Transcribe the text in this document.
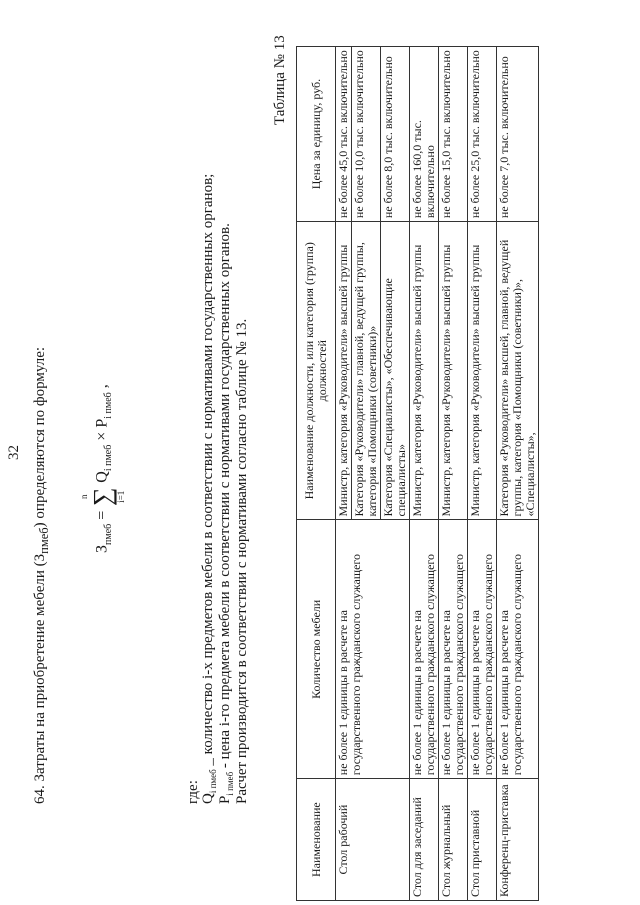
32
64. Затраты на приобретение мебели $(З_{пмеб})$ определяются по формуле:
$З_{пмеб}$ =
n ∑ i=1
$Q_{i пмеб} \times P_{i пмеб}$ ,
где: $Q_{i пмеб}$ _ количество i-х предметов мебели в соответствии с нормативами государственных органов;
$P_{i пмеб}$ - цена i-го предмета мебели в соответствии с нормативами государственных органов. Расчет производится в соответствии с нормативами согласно таблице № 13.
Таблица № 13
Наименование	Количество мебели	Наименование должности, или категория (группа) должностей	Цена за единицу, руб.
Стол рабочий	не более 1 единицы в расчете на государственного гражданского служащего	Министр, категория «Руководители» высшей группы	не более 45,0 тыс. включительно
		Категория «Руководители» главной, ведущей группы, категория «Помощники (советники)»	не более 10,0 тыс. включительно
		Категория «Специалисты», «Обеспечивающие специалисты»	не более 8,0 тыс. включительно
Стол для заседаний	не более 1 единицы в расчете на государственного гражданского служащего	Министр, категория «Руководители» высшей группы	не более 160,0 тыс. включительно
Стол журнальный	не более 1 единицы в расчете на государственного гражданского служащего	Министр, категория «Руководители» высшей группы	не более 15,0 тыс. включительно
Стол приставной	не более 1 единицы в расчете на государственного гражданского служащего	Министр, категория «Руководители» высшей группы	не более 25,0 тыс. включительно
Конференц-приставка	не более 1 единицы в расчете на государственного гражданского служащего	Категория «Руководители» высшей, главной, ведущей группы, категория «Помощники (советники)», «Специалисты»,	не более 7,0 тыс. включительно
